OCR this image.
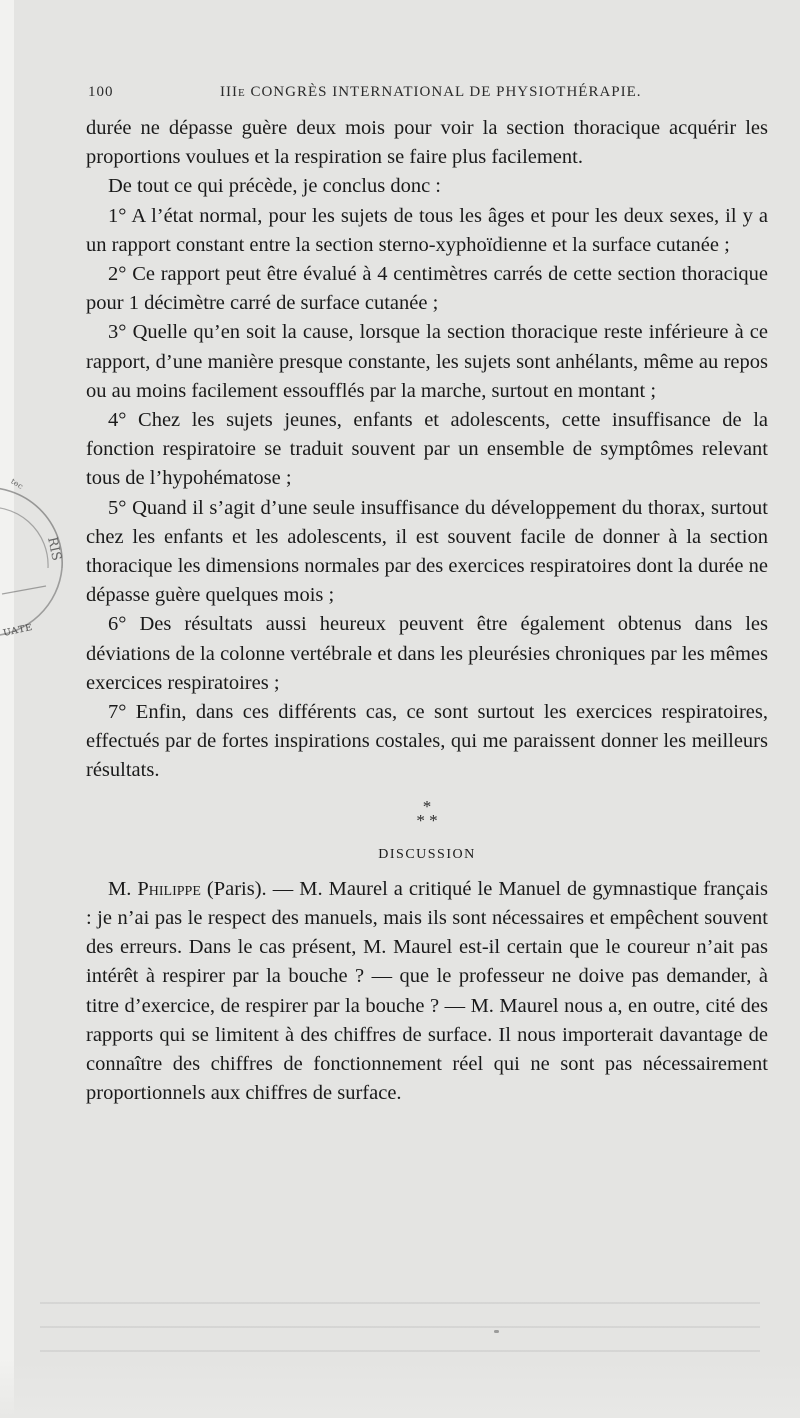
100	IIIe CONGRÈS INTERNATIONAL DE PHYSIOTHÉRAPIE.
ᵗᵉᶜ
RIS
ᴜᴀᴛᴇ

durée ne dépasse guère deux mois pour voir la section thoracique acquérir les proportions voulues et la respiration se faire plus facilement.

De tout ce qui précède, je conclus donc :

1° A l’état normal, pour les sujets de tous les âges et pour les deux sexes, il y a un rapport constant entre la section sterno-xyphoïdienne et la surface cutanée ;

2° Ce rapport peut être évalué à 4 centimètres carrés de cette section thoracique pour 1 décimètre carré de surface cutanée ;

3° Quelle qu’en soit la cause, lorsque la section thoracique reste inférieure à ce rapport, d’une manière presque constante, les sujets sont anhélants, même au repos ou au moins facilement essoufflés par la marche, surtout en montant ;

4° Chez les sujets jeunes, enfants et adolescents, cette insuffisance de la fonction respiratoire se traduit souvent par un ensemble de symptômes relevant tous de l’hypohématose ;

5° Quand il s’agit d’une seule insuffisance du développement du thorax, surtout chez les enfants et les adolescents, il est souvent facile de donner à la section thoracique les dimensions normales par des exercices respiratoires dont la durée ne dépasse guère quelques mois ;

6° Des résultats aussi heureux peuvent être également obtenus dans les déviations de la colonne vertébrale et dans les pleurésies chroniques par les mêmes exercices respiratoires ;

7° Enfin, dans ces différents cas, ce sont surtout les exercices respiratoires, effectués par de fortes inspirations costales, qui me paraissent donner les meilleurs résultats.

*
* *
DISCUSSION

M. Philippe (Paris). — M. Maurel a critiqué le Manuel de gymnastique français : je n’ai pas le respect des manuels, mais ils sont nécessaires et empêchent souvent des erreurs. Dans le cas présent, M. Maurel est-il certain que le coureur n’ait pas intérêt à respirer par la bouche ? — que le professeur ne doive pas demander, à titre d’exercice, de respirer par la bouche ? — M. Maurel nous a, en outre, cité des rapports qui se limitent à des chiffres de surface. Il nous importerait davantage de connaître des chiffres de fonctionnement réel qui ne sont pas nécessairement proportionnels aux chiffres de surface.
